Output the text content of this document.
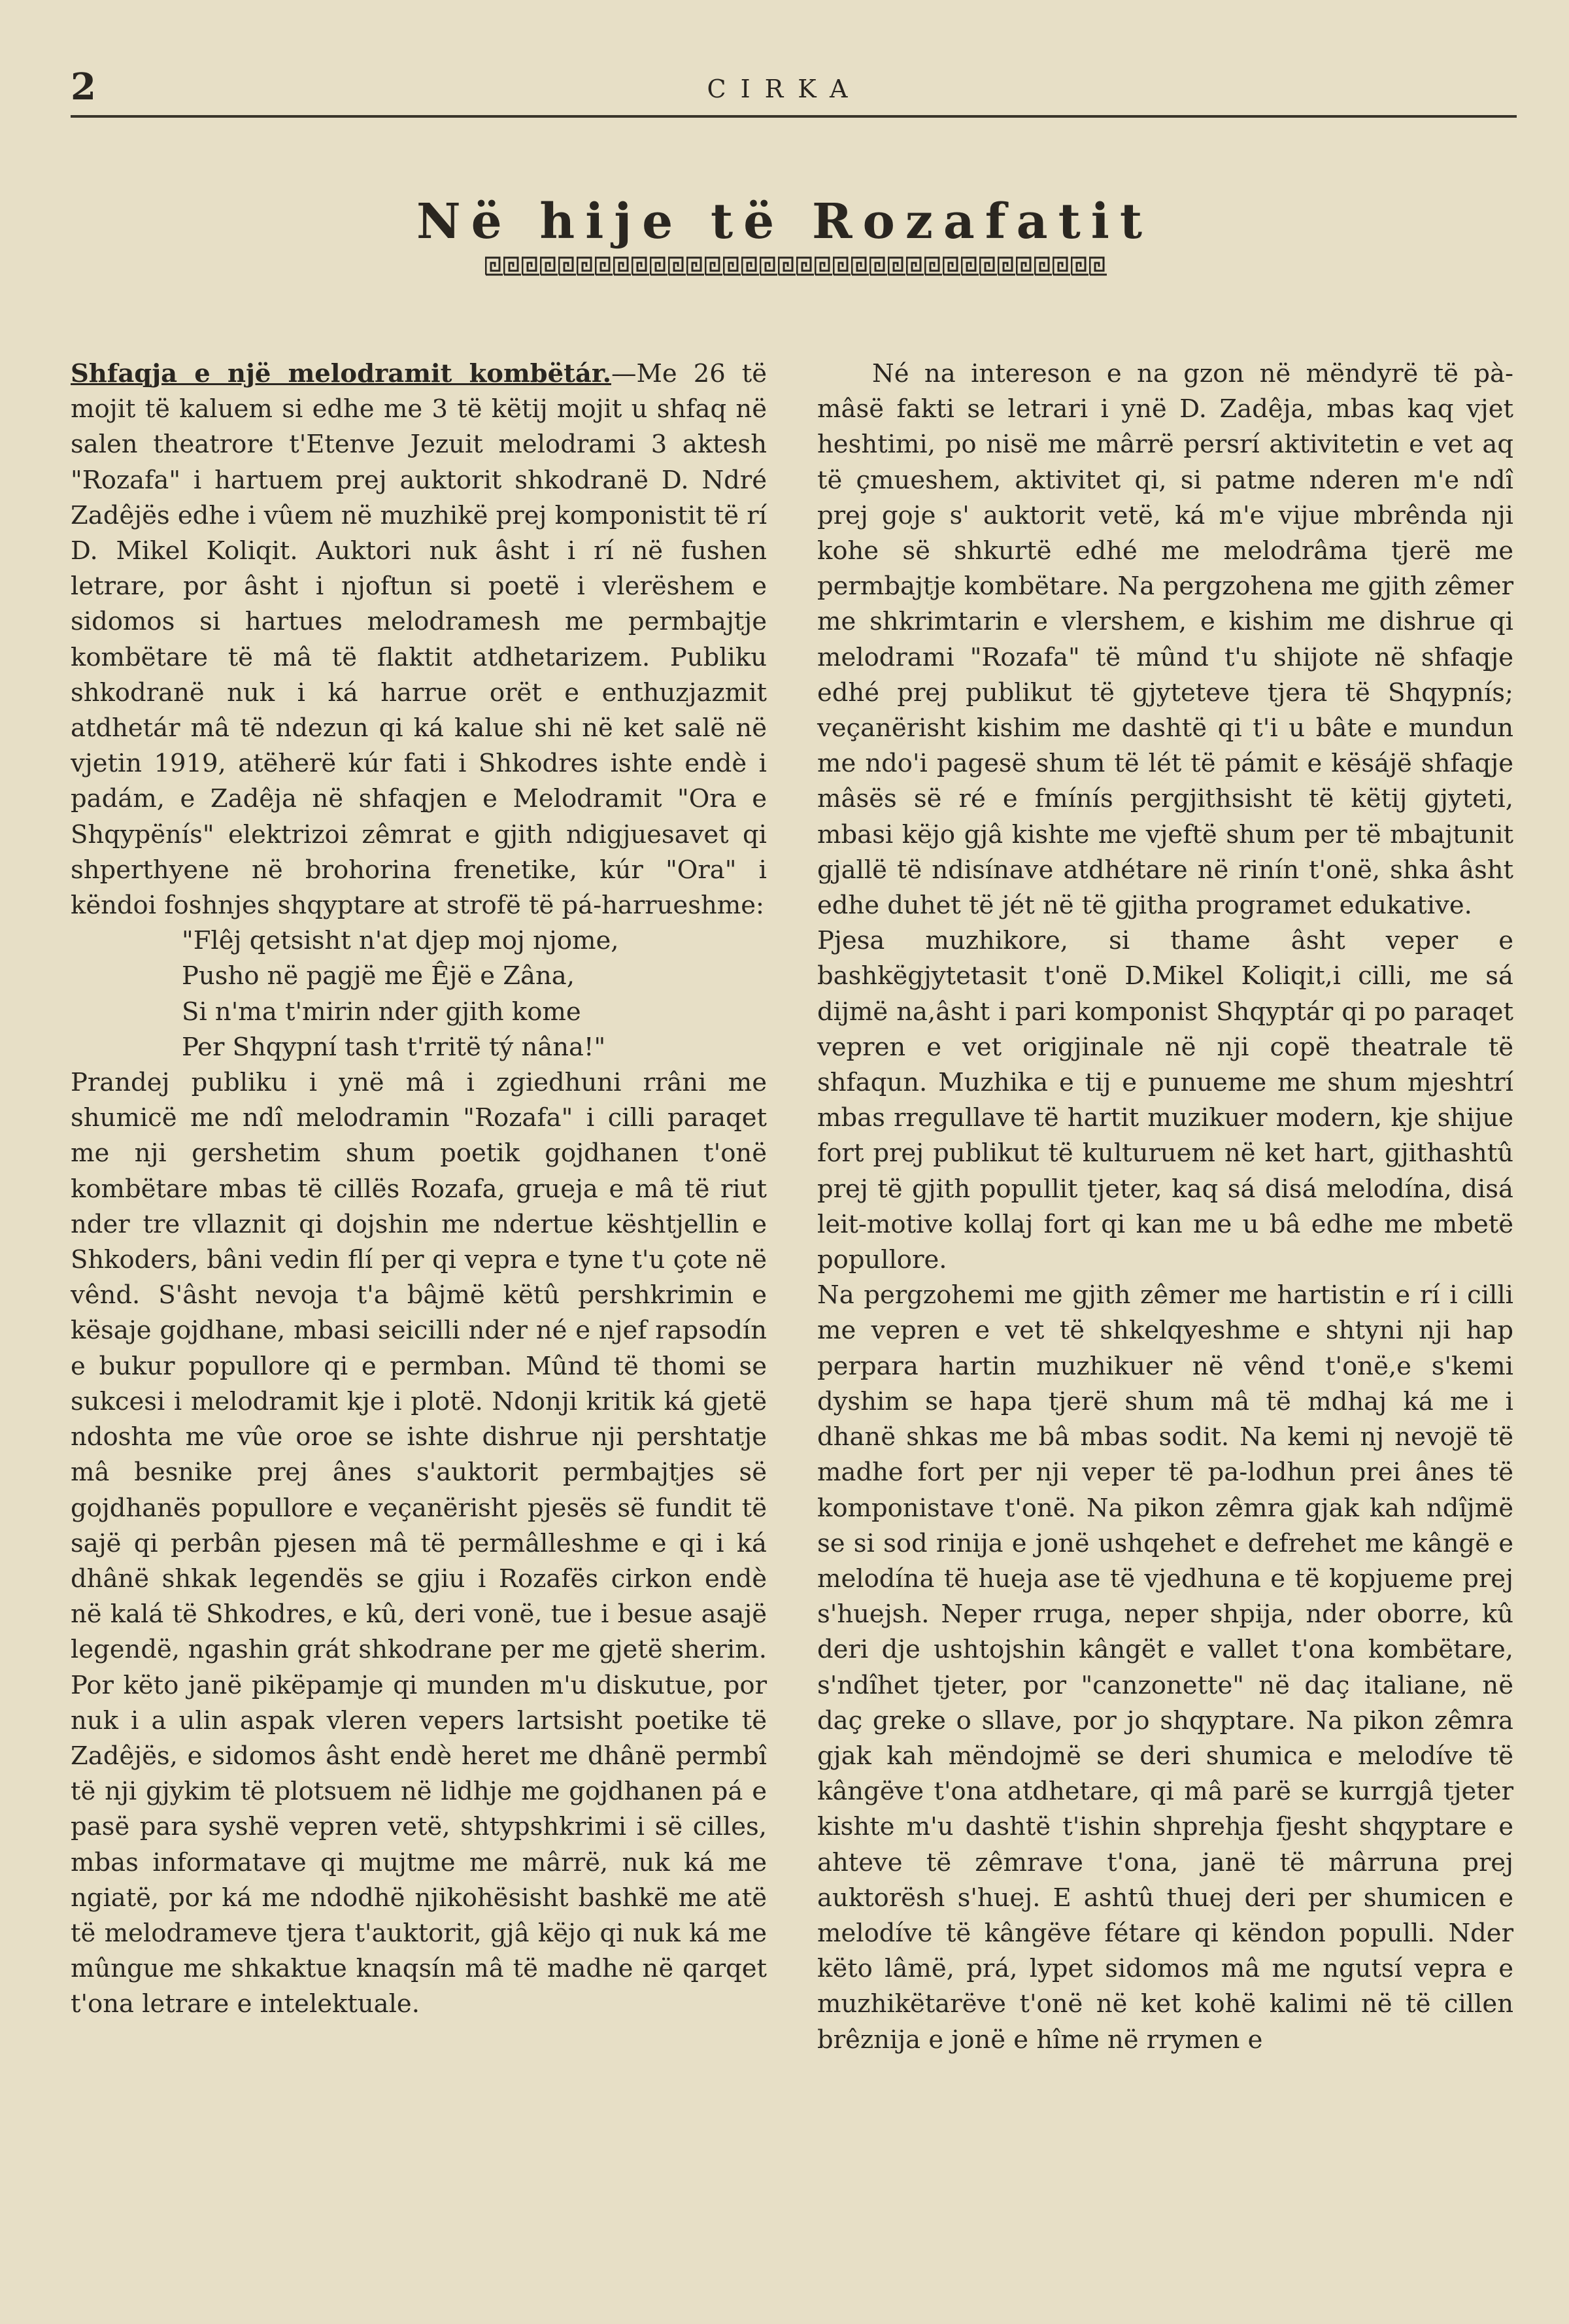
2	CIRKA
Në hije të Rozafatit

Shfaqja e një melodramit kombëtár.—Me 26 të mojit të kaluem si edhe me 3 të këtij mojit u shfaq në salen theatrore t'Etenve Jezuit melodrami 3 aktesh "Rozafa" i hartuem prej auktorit shkodranë D. Ndré Zadêjës edhe i vûem në muzhikë prej komponistit të rí D. Mikel Koliqit. Auktori nuk âsht i rí në fushen letrare, por âsht i njoftun si poetë i vlerëshem e sidomos si hartues melodramesh me permbajtje kombëtare të mâ të flaktit atdhetarizem. Publiku shkodranë nuk i ká harrue orët e enthuzjazmit atdhetár mâ të ndezun qi ká kalue shi në ket salë në vjetin 1919, atëherë kúr fati i Shkodres ishte endè i padám, e Zadêja në shfaqjen e Melodramit "Ora e Shqypënís" elektrizoi zêmrat e gjith ndigjuesavet qi shperthyene në brohorina frenetike, kúr "Ora" i këndoi foshnjes shqyptare at strofë të pá-harrueshme:

"Flêj qetsisht n'at djep moj njome,
Pusho në pagjë me Êjë e Zâna,
Si n'ma t'mirin nder gjith kome
Per Shqypní tash t'rritë tý nâna!"

Prandej publiku i ynë mâ i zgiedhuni rrâni me shumicë me ndî melodramin "Rozafa" i cilli paraqet me nji gershetim shum poetik gojdhanen t'onë kombëtare mbas të cillës Rozafa, grueja e mâ të riut nder tre vllaznit qi dojshin me ndertue kështjellin e Shkoders, bâni vedin flí per qi vepra e tyne t'u çote në vênd. S'âsht nevoja t'a bâjmë këtû pershkrimin e kësaje gojdhane, mbasi seicilli nder né e njef rapsodín e bukur popullore qi e permban. Mûnd të thomi se sukcesi i melodramit kje i plotë. Ndonji kritik ká gjetë ndoshta me vûe oroe se ishte dishrue nji pershtatje mâ besnike prej ânes s'auktorit permbajtjes së gojdhanës popullore e veçanërisht pjesës së fundit të sajë qi perbân pjesen mâ të permâlleshme e qi i ká dhânë shkak legendës se gjiu i Rozafës cirkon endè në kalá të Shkodres, e kû, deri vonë, tue i besue asajë legendë, ngashin grát shkodrane per me gjetë sherim. Por këto janë pikëpamje qi munden m'u diskutue, por nuk i a ulin aspak vleren vepers lartsisht poetike të Zadêjës, e sidomos âsht endè heret me dhânë permbî të nji gjykim të plotsuem në lidhje me gojdhanen pá e pasë para syshë vepren vetë, shtypshkrimi i së cilles, mbas informatave qi mujtme me mârrë, nuk ká me ngiatë, por ká me ndodhë njikohësisht bashkë me atë të melodrameve tjera t'auktorit, gjâ këjo qi nuk ká me mûngue me shkaktue knaqsín mâ të madhe në qarqet t'ona letrare e intelektuale.

Né na intereson e na gzon në mëndyrë të pà-mâsë fakti se letrari i ynë D. Zadêja, mbas kaq vjet heshtimi, po nisë me mârrë persrí aktivitetin e vet aq të çmueshem, aktivitet qi, si patme nderen m'e ndî prej goje s' auktorit vetë, ká m'e vijue mbrênda nji kohe së shkurtë edhé me melodrâma tjerë me permbajtje kombëtare. Na pergzohena me gjith zêmer me shkrimtarin e vlershem, e kishim me dishrue qi melodrami "Rozafa" të mûnd t'u shijote në shfaqje edhé prej publikut të gjyteteve tjera të Shqypnís; veçanërisht kishim me dashtë qi t'i u bâte e mundun me ndo'i pagesë shum të lét të pámit e kësájë shfaqje mâsës së ré e fmínís pergjithsisht të këtij gjyteti, mbasi këjo gjâ kishte me vjeftë shum per të mbajtunit gjallë të ndisínave atdhétare në rinín t'onë, shka âsht edhe duhet të jét në të gjitha programet edukative.

Pjesa muzhikore, si thame âsht veper e bashkëgjytetasit t'onë D.Mikel Koliqit,i cilli, me sá dijmë na,âsht i pari komponist Shqyptár qi po paraqet vepren e vet origjinale në nji copë theatrale të shfaqun. Muzhika e tij e punueme me shum mjeshtrí mbas rregullave të hartit muzikuer modern, kje shijue fort prej publikut të kulturuem në ket hart, gjithashtû prej të gjith popullit tjeter, kaq sá disá melodína, disá leit-motive kollaj fort qi kan me u bâ edhe me mbetë popullore.

Na pergzohemi me gjith zêmer me hartistin e rí i cilli me vepren e vet të shkelqyeshme e shtyni nji hap perpara hartin muzhikuer në vênd t'onë,e s'kemi dyshim se hapa tjerë shum mâ të mdhaj ká me i dhanë shkas me bâ mbas sodit. Na kemi nj nevojë të madhe fort per nji veper të pa-lodhun prei ânes të komponistave t'onë. Na pikon zêmra gjak kah ndîjmë se si sod rinija e jonë ushqehet e defrehet me kângë e melodína të hueja ase të vjedhuna e të kopjueme prej s'huejsh. Neper rruga, neper shpija, nder oborre, kû deri dje ushtojshin kângët e vallet t'ona kombëtare, s'ndîhet tjeter, por "canzonette" në daç italiane, në daç greke o sllave, por jo shqyptare. Na pikon zêmra gjak kah mëndojmë se deri shumica e melodíve të kângëve t'ona atdhetare, qi mâ parë se kurrgjâ tjeter kishte m'u dashtë t'ishin shprehja fjesht shqyptare e ahteve të zêmrave t'ona, janë të mârruna prej auktorësh s'huej. E ashtû thuej deri per shumicen e melodíve të kângëve fétare qi këndon populli. Nder këto lâmë, prá, lypet sidomos mâ me ngutsí vepra e muzhikëtarëve t'onë në ket kohë kalimi në të cillen brêznija e jonë e hîme në rrymen e
